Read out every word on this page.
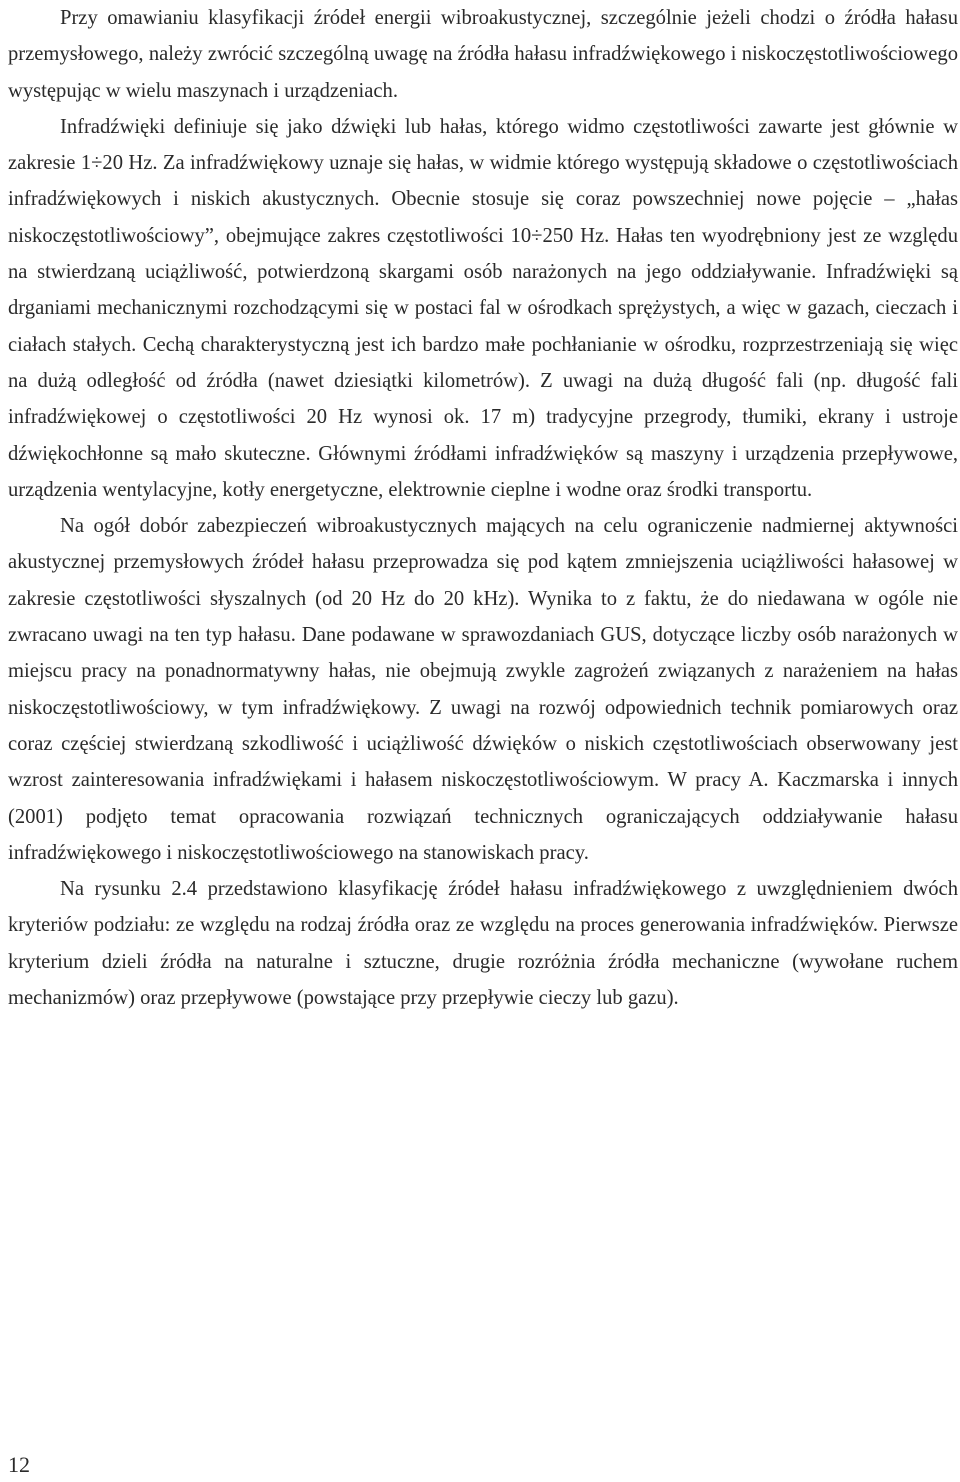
Przy omawianiu klasyfikacji źródeł energii wibroakustycznej, szczególnie jeżeli chodzi o źródła hałasu przemysłowego, należy zwrócić szczególną uwagę na źródła hałasu infradźwiękowego i niskoczęstotliwościowego występując w wielu maszynach i urządzeniach.

Infradźwięki definiuje się jako dźwięki lub hałas, którego widmo częstotliwości zawarte jest głównie w zakresie 1÷20 Hz. Za infradźwiękowy uznaje się hałas, w widmie którego występują składowe o częstotliwościach infradźwiękowych i niskich akustycznych. Obecnie stosuje się coraz powszechniej nowe pojęcie – „hałas niskoczęstotliwościowy”, obejmujące zakres częstotliwości 10÷250 Hz. Hałas ten wyodrębniony jest ze względu na stwierdzaną uciążliwość, potwierdzoną skargami osób narażonych na jego oddziaływanie. Infradźwięki są drganiami mechanicznymi rozchodzącymi się w postaci fal w ośrodkach sprężystych, a więc w gazach, cieczach i ciałach stałych. Cechą charakterystyczną jest ich bardzo małe pochłanianie w ośrodku, rozprzestrzeniają się więc na dużą odległość od źródła (nawet dziesiątki kilometrów). Z uwagi na dużą długość fali (np. długość fali infradźwiękowej o częstotliwości 20 Hz wynosi ok. 17 m) tradycyjne przegrody, tłumiki, ekrany i ustroje dźwiękochłonne są mało skuteczne. Głównymi źródłami infradźwięków są maszyny i urządzenia przepływowe, urządzenia wentylacyjne, kotły energetyczne, elektrownie cieplne i wodne oraz środki transportu.

Na ogół dobór zabezpieczeń wibroakustycznych mających na celu ograniczenie nadmiernej aktywności akustycznej przemysłowych źródeł hałasu przeprowadza się pod kątem zmniejszenia uciążliwości hałasowej w zakresie częstotliwości słyszalnych (od 20 Hz do 20 kHz). Wynika to z faktu, że do niedawana w ogóle nie zwracano uwagi na ten typ hałasu. Dane podawane w sprawozdaniach GUS, dotyczące liczby osób narażonych w miejscu pracy na ponadnormatywny hałas, nie obejmują zwykle zagrożeń związanych z narażeniem na hałas niskoczęstotliwościowy, w tym infradźwiękowy. Z uwagi na rozwój odpowiednich technik pomiarowych oraz coraz częściej stwierdzaną szkodliwość i uciążliwość dźwięków o niskich częstotliwościach obserwowany jest wzrost zainteresowania infradźwiękami i hałasem niskoczęstotliwościowym. W pracy A. Kaczmarska i innych (2001) podjęto temat opracowania rozwiązań technicznych ograniczających oddziaływanie hałasu infradźwiękowego i niskoczęstotliwościowego na stanowiskach pracy.

Na rysunku 2.4 przedstawiono klasyfikację źródeł hałasu infradźwiękowego z uwzględnieniem dwóch kryteriów podziału: ze względu na rodzaj źródła oraz ze względu na proces generowania infradźwięków. Pierwsze kryterium dzieli źródła na naturalne i sztuczne, drugie rozróżnia źródła mechaniczne (wywołane ruchem mechanizmów) oraz przepływowe (powstające przy przepływie cieczy lub gazu).

12
